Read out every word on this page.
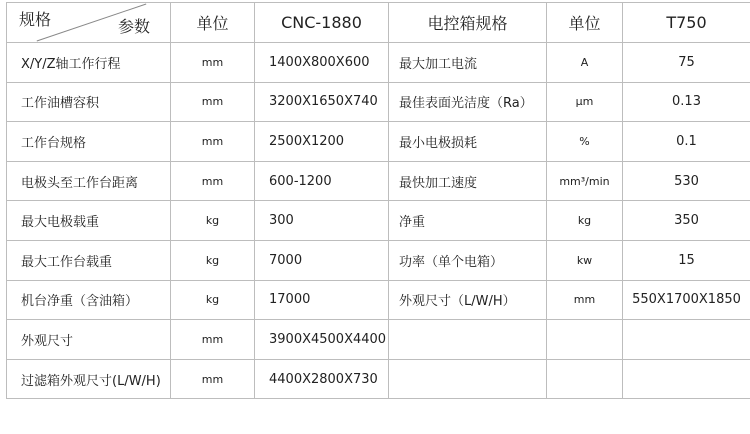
规格 参数	单位	CNC-1880	电控箱规格	单位	T750
X/Y/Z轴工作行程	mm	1400X800X600	最大加工电流	A	75
工作油槽容积	mm	3200X1650X740	最佳表面光洁度（Ra）	μm	0.13
工作台规格	mm	2500X1200	最小电极损耗	%	0.1
电极头至工作台距离	mm	600-1200	最快加工速度	mm³/min	530
最大电极载重	kg	300	净重	kg	350
最大工作台载重	kg	7000	功率（单个电箱）	kw	15
机台净重（含油箱）	kg	17000	外观尺寸（L/W/H）	mm	550X1700X1850
外观尺寸	mm	3900X4500X4400			
过滤箱外观尺寸(L/W/H)	mm	4400X2800X730			
